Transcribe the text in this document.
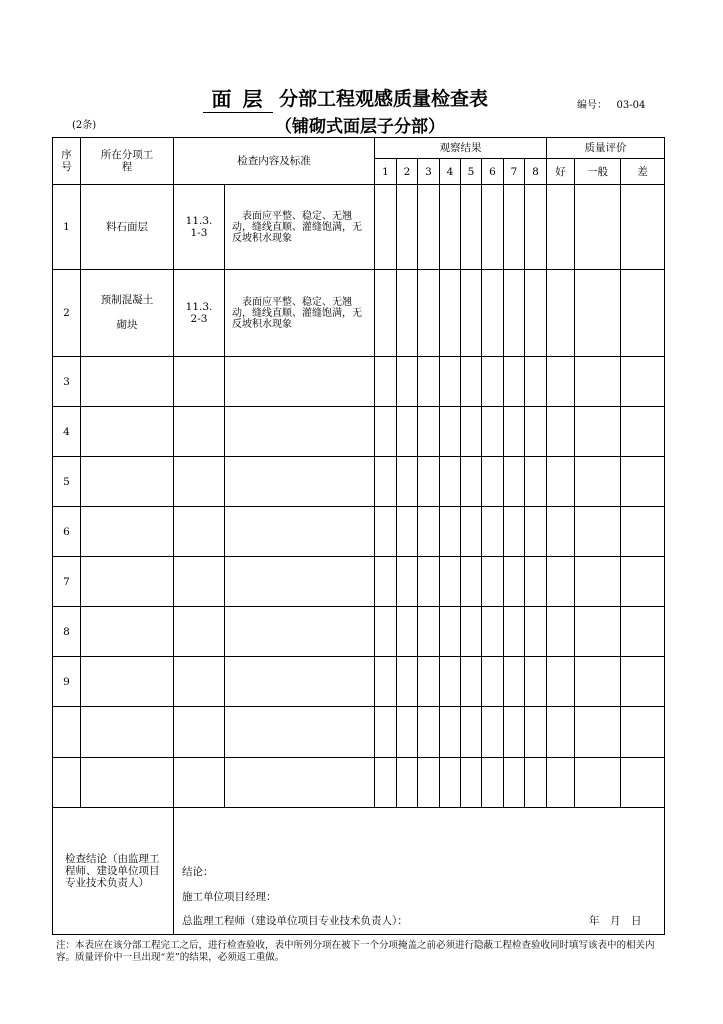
面 层 分部工程观感质量检查表
（铺砌式面层子分部）
编号： 03-04
(2条)
序号	所在分项工程	检查内容及标准		观察结果								质量评价		
				1	2	3	4	5	6	7	8	好	一般	差
1	料石面层	11.3.1-3	表面应平整、稳定、无翘动，缝线直顺、灌缝饱满，无反坡积水现象											
2	预制混凝土砌块	11.3.2-3	表面应平整、稳定、无翘动，缝线直顺、灌缝饱满，无反坡积水现象											
3														
4														
5														
6														
7														
8														
9														

检查结论（由监理工程师、建设单位项目专业技术负责人）		结论：
施工单位项目经理：
总监理工程师（建设单位项目专业技术负责人）： 年　月　日												
注：本表应在该分部工程完工之后，进行检查验收，表中所列分项在被下一个分项掩盖之前必须进行隐蔽工程检查验收同时填写该表中的相关内容。质量评价中一旦出现“差”的结果，必须返工重做。
